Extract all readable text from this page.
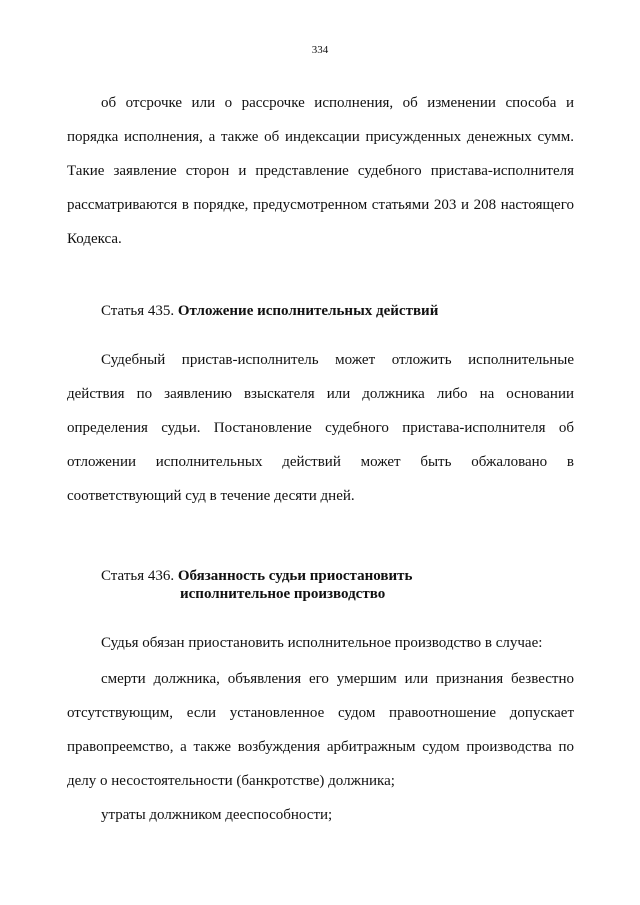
334

об отсрочке или о рассрочке исполнения, об изменении способа и порядка исполнения, а также об индексации присужденных денежных сумм. Такие заявление сторон и представление судебного пристава-исполнителя рассматриваются в порядке, предусмотренном статьями 203 и 208 настоящего Кодекса.

Статья 435. Отложение исполнительных действий

Судебный пристав-исполнитель может отложить исполнительные действия по заявлению взыскателя или должника либо на основании определения судьи. Постановление судебного пристава-исполнителя об отложении исполнительных действий может быть обжаловано в соответствующий суд в течение десяти дней.

Статья 436. Обязанность судьи приостановить
исполнительное производство

Судья обязан приостановить исполнительное производство в случае:

смерти должника, объявления его умершим или признания безвестно отсутствующим, если установленное судом правоотношение допускает правопреемство, а также возбуждения арбитражным судом производства по делу о несостоятельности (банкротстве) должника;

утраты должником дееспособности;
